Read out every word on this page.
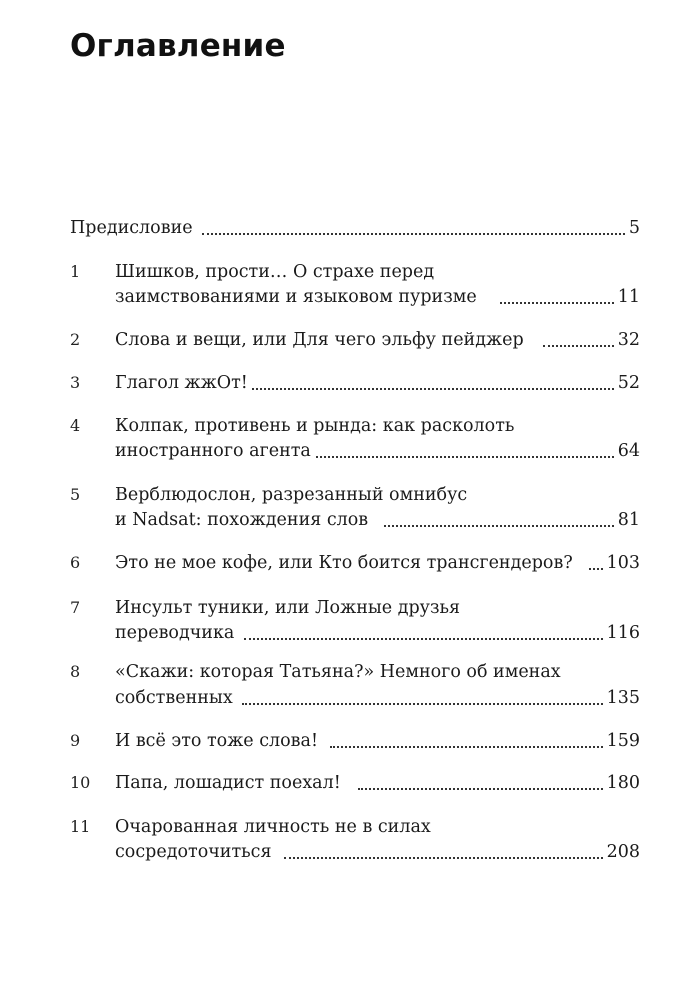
Оглавление
Предисловие	5
1 Шишков, прости… О страхе перед
заимствованиями и языковом пуризме	11
2 Слова и вещи, или Для чего эльфу пейджер	32
3 Глагол жжОт!	52
4 Колпак, противень и рында: как расколоть
иностранного агента	64
5 Верблюдослон, разрезанный омнибус
и Nadsat: похождения слов	81
6 Это не мое кофе, или Кто боится трансгендеров? 103
7 Инсульт туники, или Ложные друзья
переводчика	116
8 «Скажи: которая Татьяна?» Немного об именах
собственных	135
9 И всё это тоже слова!	159
10 Папа, лошадист поехал!	180
11 Очарованная личность не в силах
сосредоточиться	208
